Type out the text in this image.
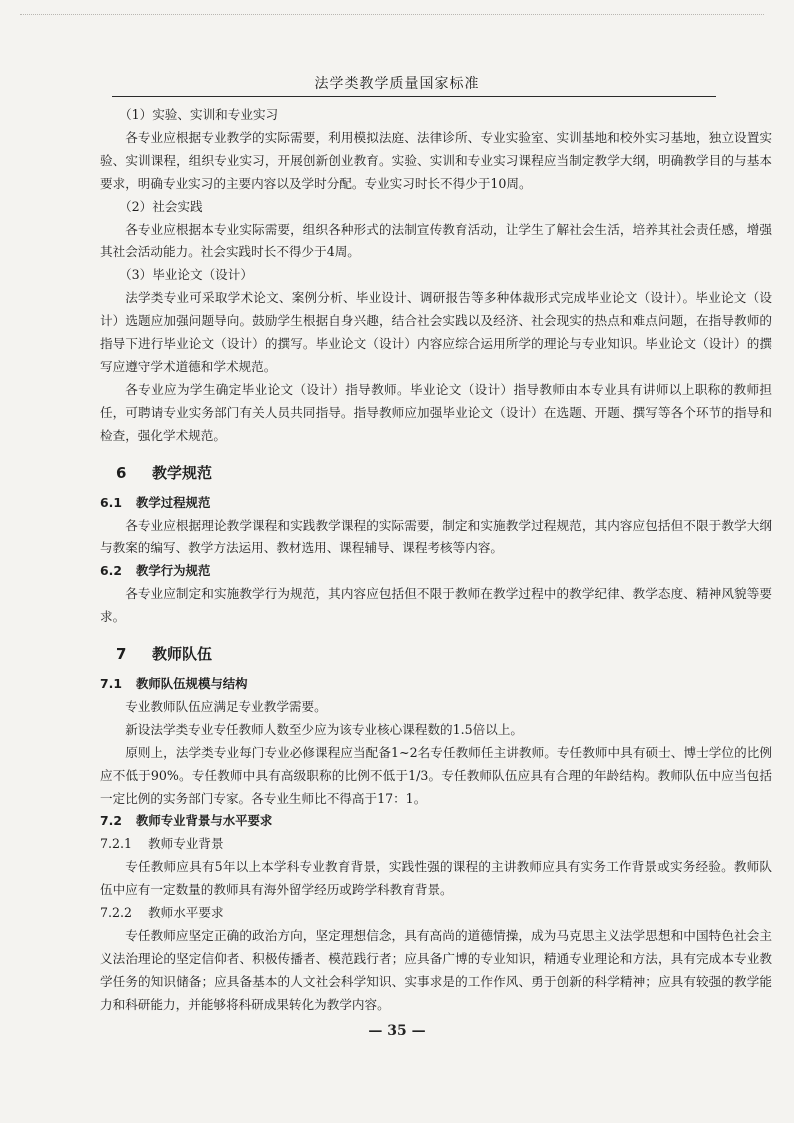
法学类教学质量国家标准

（1）实验、实训和专业实习

各专业应根据专业教学的实际需要，利用模拟法庭、法律诊所、专业实验室、实训基地和校外实习基地，独立设置实验、实训课程，组织专业实习，开展创新创业教育。实验、实训和专业实习课程应当制定教学大纲，明确教学目的与基本要求，明确专业实习的主要内容以及学时分配。专业实习时长不得少于10周。

（2）社会实践

各专业应根据本专业实际需要，组织各种形式的法制宣传教育活动，让学生了解社会生活，培养其社会责任感，增强其社会活动能力。社会实践时长不得少于4周。

（3）毕业论文（设计）

法学类专业可采取学术论文、案例分析、毕业设计、调研报告等多种体裁形式完成毕业论文（设计）。毕业论文（设计）选题应加强问题导向。鼓励学生根据自身兴趣，结合社会实践以及经济、社会现实的热点和难点问题，在指导教师的指导下进行毕业论文（设计）的撰写。毕业论文（设计）内容应综合运用所学的理论与专业知识。毕业论文（设计）的撰写应遵守学术道德和学术规范。

各专业应为学生确定毕业论文（设计）指导教师。毕业论文（设计）指导教师由本专业具有讲师以上职称的教师担任，可聘请专业实务部门有关人员共同指导。指导教师应加强毕业论文（设计）在选题、开题、撰写等各个环节的指导和检查，强化学术规范。

6 教学规范

6.1 教学过程规范

各专业应根据理论教学课程和实践教学课程的实际需要，制定和实施教学过程规范，其内容应包括但不限于教学大纲与教案的编写、教学方法运用、教材选用、课程辅导、课程考核等内容。

6.2 教学行为规范

各专业应制定和实施教学行为规范，其内容应包括但不限于教师在教学过程中的教学纪律、教学态度、精神风貌等要求。

7 教师队伍

7.1 教师队伍规模与结构

专业教师队伍应满足专业教学需要。

新设法学类专业专任教师人数至少应为该专业核心课程数的1.5倍以上。

原则上，法学类专业每门专业必修课程应当配备1~2名专任教师任主讲教师。专任教师中具有硕士、博士学位的比例应不低于90%。专任教师中具有高级职称的比例不低于1/3。专任教师队伍应具有合理的年龄结构。教师队伍中应当包括一定比例的实务部门专家。各专业生师比不得高于17：1。

7.2 教师专业背景与水平要求

7.2.1 教师专业背景

专任教师应具有5年以上本学科专业教育背景，实践性强的课程的主讲教师应具有实务工作背景或实务经验。教师队伍中应有一定数量的教师具有海外留学经历或跨学科教育背景。

7.2.2 教师水平要求

专任教师应坚定正确的政治方向，坚定理想信念，具有高尚的道德情操，成为马克思主义法学思想和中国特色社会主义法治理论的坚定信仰者、积极传播者、模范践行者；应具备广博的专业知识，精通专业理论和方法，具有完成本专业教学任务的知识储备；应具备基本的人文社会科学知识、实事求是的工作作风、勇于创新的科学精神；应具有较强的教学能力和科研能力，并能够将科研成果转化为教学内容。

— 35 —
